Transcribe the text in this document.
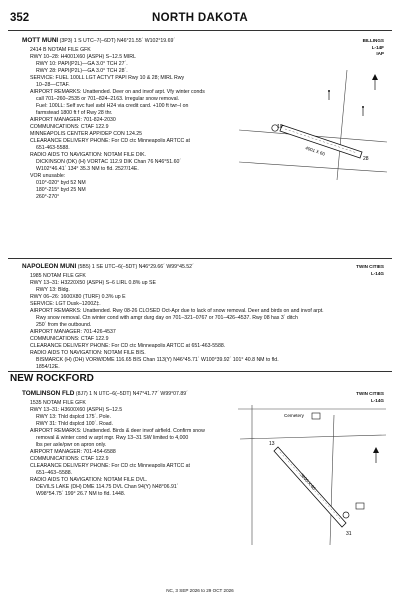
352	NORTH DAKOTA
BILLINGS
L-14F
IAP
MOTT MUNI (3P3) 1 S UTC–7(–6DT) N46°21.55´ W102°19.69´
2414 B NOTAM FILE GFK
RWY 10–28: H4001X60 (ASPH) S–12.5 MIRL
RWY 10: PAPI(P2L)—GA 3.0° TCH 27´.
RWY 28: PAPI(P2L)—GA 3.0° TCH 28´.
SERVICE: FUEL 100LL LGT ACTVT PAPI Rwy 10 & 28; MIRL Rwy
10–28—CTAF.
AIRPORT REMARKS: Unattended. Deer on and invof arpt. Vfy winter conds
call 701–260–2535 or 701–824–2163. Irregular snow removal.
Fuel: 100LL: Self svc fuel avbl H24 via credit card. +100 ft twr–l on
farmstead 1800 ft f of Rwy 28 thr.
AIRPORT MANAGER: 701-824-2030
COMMUNICATIONS: CTAF 122.9
MINNEAPOLIS CENTER APP/DEP CON 124.25
CLEARANCE DELIVERY PHONE: For CD ctc Minneapolis ARTCC at
651-463-5588.
RADIO AIDS TO NAVIGATION: NOTAM FILE DIK.
DICKINSON (DK) (H) VORTAC 112.9 DIK Chan 76 N46°51.60´
W102°46.41´ 134° 35.3 NM to fld. 2527/14E.
VOR unusable:
010°-020° byd 52 NM
180°-215° byd 25 NM
260°-270°
4001 X 60
10
28
TWIN CITIES
L-14G
NAPOLEON MUNI (5B5) 1 SE UTC–6(–5DT) N46°29.66´ W99°45.52´
1985 NOTAM FILE GFK
RWY 13–31: H3220X50 (ASPH) S–6 LIRL 0.8% up SE
RWY 13: Bldg.
RWY 06–26: 1600X80 (TURF) 0.3% up E
SERVICE: LGT Dusk–1200Z‡.
AIRPORT REMARKS: Unattended. Rwy 08-26 CLOSED Oct-Apr due to lack of snow removal. Deer and birds on and invof arpt.
Rwy snow removal. Ctn winter cond with amgr durg day on 701–321–0767 or 701–426–4537. Rwy 08 has 3´ ditch
250´ from the outbound.
AIRPORT MANAGER: 701-426-4537
COMMUNICATIONS: CTAF 122.9
CLEARANCE DELIVERY PHONE: For CD ctc Minneapolis ARTCC at 651-463-5588.
RADIO AIDS TO NAVIGATION: NOTAM FILE BIS.
BISMARCK (H) (DH) VORW/DME 116.65 BIS Chan 113(Y) N46°45.71´ W100°39.92´ 101° 40.8 NM to fld.
1854/12E.
NEW ROCKFORD
TWIN CITIES
L-14G
TOMLINSON FLD (8J7) 1 N UTC–6(–5DT) N47°41.77´ W99°07.89´
1535 NOTAM FILE GFK
RWY 13–31: H3600X60 (ASPH) S–12.5
RWY 13: Thld dsplcd 175´. Pole.
RWY 31: Thld dsplcd 100´. Road.
AIRPORT REMARKS: Unattended. Birds & deer invof airfield. Confirm snow
removal & winter cond w arpt mgr. Rwy 13–31 SW limited to 4,000
lbs per axle/pwr on apron only.
AIRPORT MANAGER: 701-454-6588
COMMUNICATIONS: CTAF 122.9
CLEARANCE DELIVERY PHONE: For CD ctc Minneapolis ARTCC at
651–463–5588.
RADIO AIDS TO NAVIGATION: NOTAM FILE DVL.
DEVILS LAKE (DH) DME 114.75 DVL Chan 94(Y) N48°06.91´
W98°54.75´ 199° 26.7 NM to fld. 1448.
Cemetery
3600 X 60
13
31
NC, 3 SEP 2026 to 29 OCT 2026
